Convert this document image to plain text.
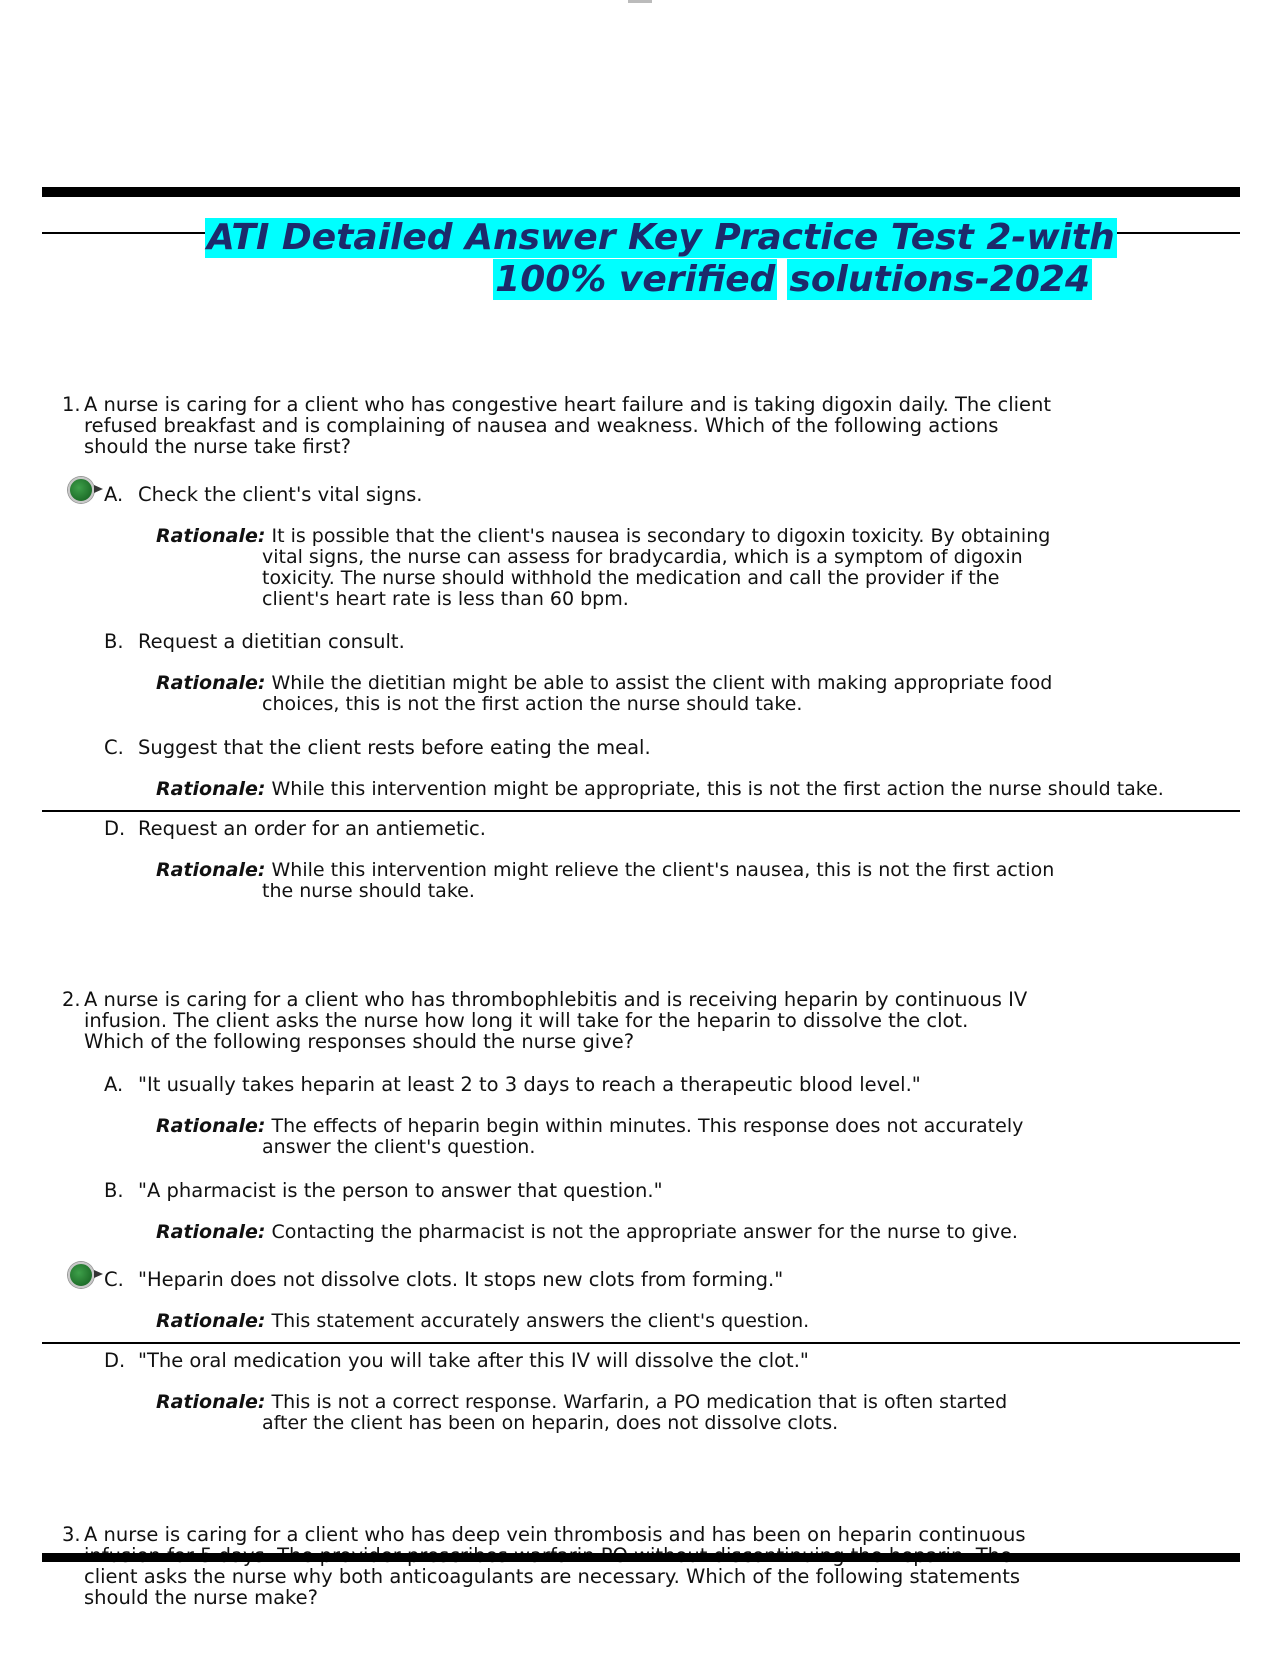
ATI Detailed Answer Key Practice Test 2-with
100% verified solutions-2024
1. A nurse is caring for a client who has congestive heart failure and is taking digoxin daily. The client
refused breakfast and is complaining of nausea and weakness. Which of the following actions
should the nurse take first?
A. Check the client's vital signs.
Rationale: It is possible that the client's nausea is secondary to digoxin toxicity. By obtaining
vital signs, the nurse can assess for bradycardia, which is a symptom of digoxin
toxicity. The nurse should withhold the medication and call the provider if the
client's heart rate is less than 60 bpm.
B. Request a dietitian consult.
Rationale: While the dietitian might be able to assist the client with making appropriate food
choices, this is not the first action the nurse should take.
C. Suggest that the client rests before eating the meal.
Rationale: While this intervention might be appropriate, this is not the first action the nurse should take.
D. Request an order for an antiemetic.
Rationale: While this intervention might relieve the client's nausea, this is not the first action
the nurse should take.
2. A nurse is caring for a client who has thrombophlebitis and is receiving heparin by continuous IV
infusion. The client asks the nurse how long it will take for the heparin to dissolve the clot.
Which of the following responses should the nurse give?
A. "It usually takes heparin at least 2 to 3 days to reach a therapeutic blood level."
Rationale: The effects of heparin begin within minutes. This response does not accurately
answer the client's question.
B. "A pharmacist is the person to answer that question."
Rationale: Contacting the pharmacist is not the appropriate answer for the nurse to give.
C. "Heparin does not dissolve clots. It stops new clots from forming."
Rationale: This statement accurately answers the client's question.
D. "The oral medication you will take after this IV will dissolve the clot."
Rationale: This is not a correct response. Warfarin, a PO medication that is often started
after the client has been on heparin, does not dissolve clots.
3. A nurse is caring for a client who has deep vein thrombosis and has been on heparin continuous
client asks the nurse why both anticoagulants are necessary. Which of the following statements
should the nurse make?
